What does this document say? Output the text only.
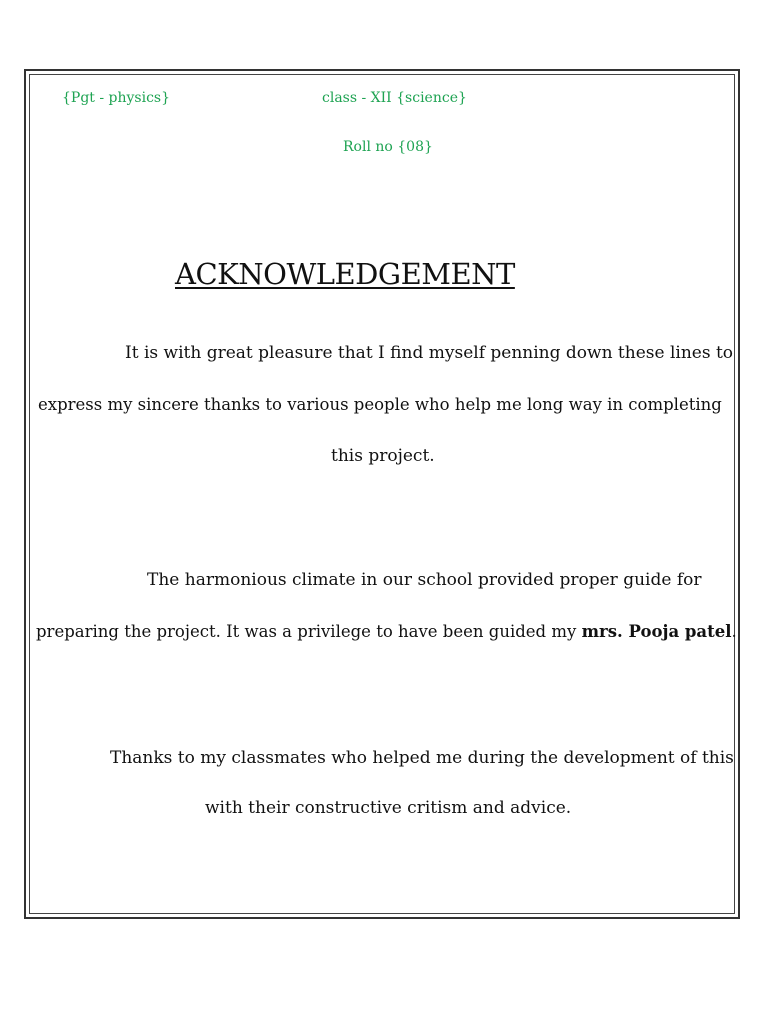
{Pgt - physics}	class - XII {science}
Roll no {08}
ACKNOWLEDGEMENT
It is with great pleasure that I find myself penning down these lines to
express my sincere thanks to various people who help me long way in completing
this project.
The harmonious climate in our school provided proper guide for
preparing the project. It was a privilege to have been guided my mrs. Pooja patel.
Thanks to my classmates who helped me during the development of this
with their constructive critism and advice.
